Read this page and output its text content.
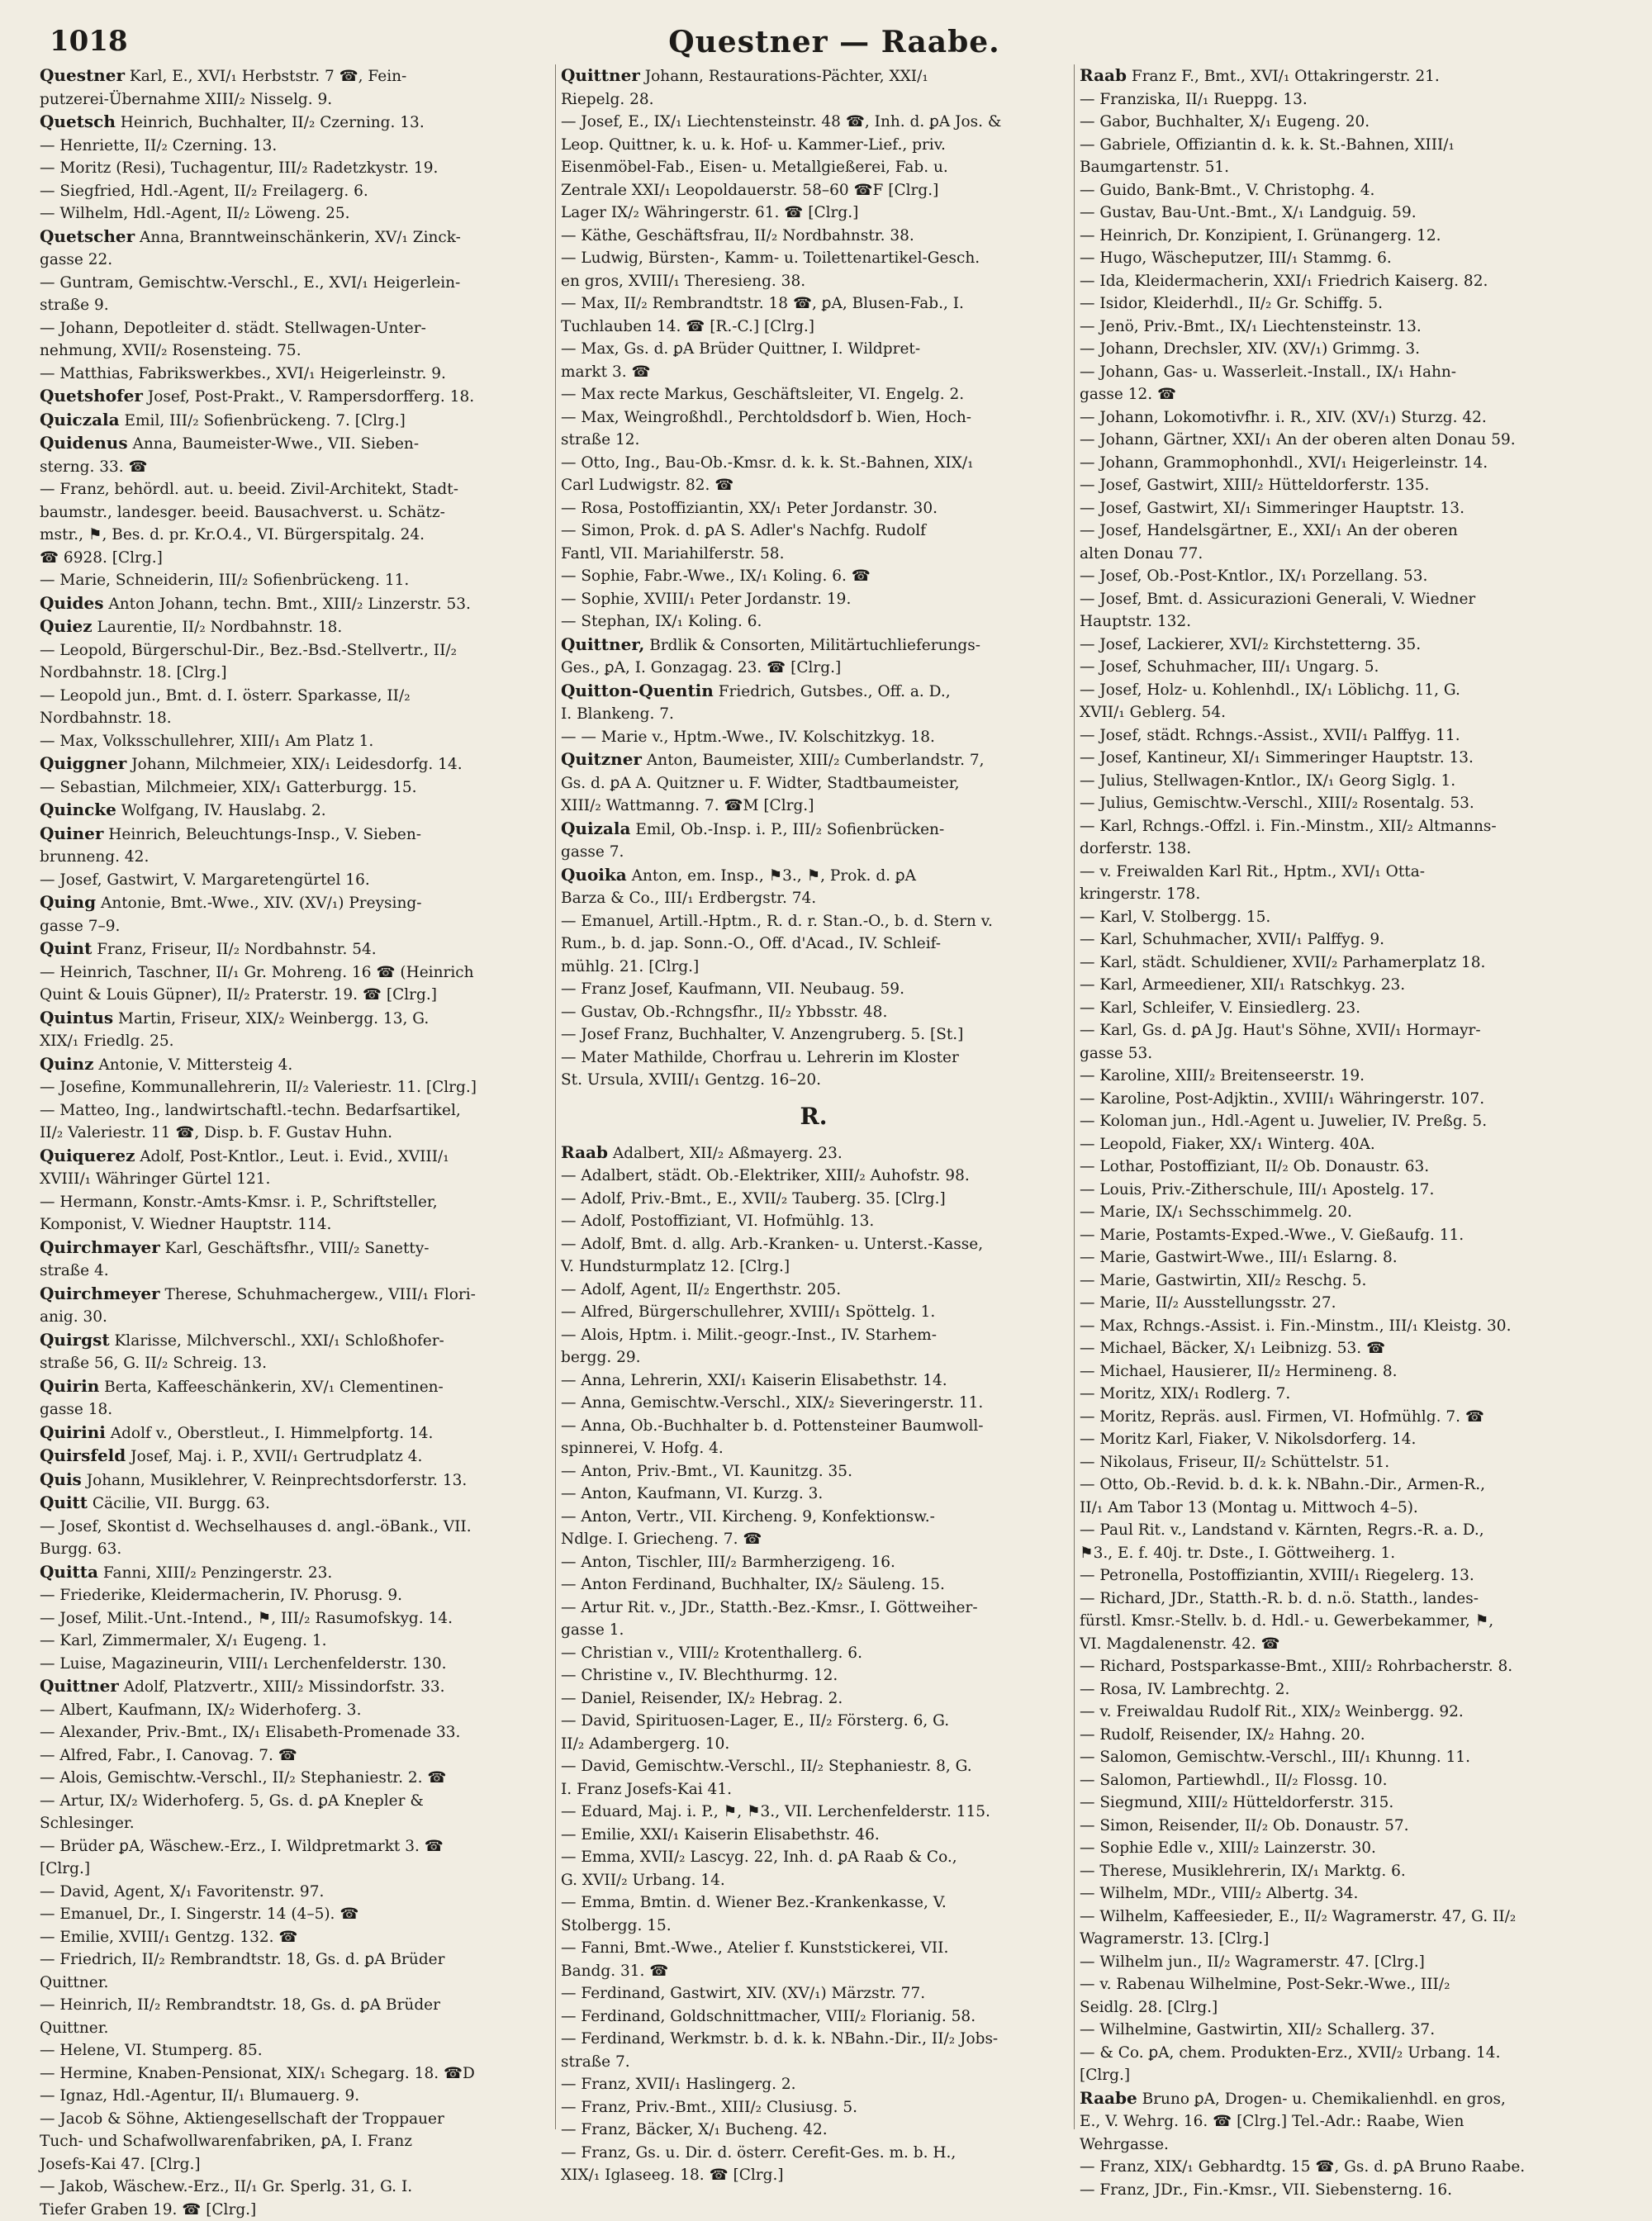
1018	Questner — Raabe.

Questner Karl, E., XVI/₁ Herbststr. 7 ☎, Fein-

putzerei-Übernahme XIII/₂ Nisselg. 9.

Quetsch Heinrich, Buchhalter, II/₂ Czerning. 13.

— Henriette, II/₂ Czerning. 13.

— Moritz (Resi), Tuchagentur, III/₂ Radetzkystr. 19.

— Siegfried, Hdl.-Agent, II/₂ Freilagerg. 6.

— Wilhelm, Hdl.-Agent, II/₂ Löweng. 25.

Quetscher Anna, Branntweinschänkerin, XV/₁ Zinck-

gasse 22.

— Guntram, Gemischtw.-Verschl., E., XVI/₁ Heigerlein-

straße 9.

— Johann, Depotleiter d. städt. Stellwagen-Unter-

nehmung, XVII/₂ Rosensteing. 75.

— Matthias, Fabrikswerkbes., XVI/₁ Heigerleinstr. 9.

Quetshofer Josef, Post-Prakt., V. Rampersdorfferg. 18.

Quiczala Emil, III/₂ Sofienbrückeng. 7. [Clrg.]

Quidenus Anna, Baumeister-Wwe., VII. Sieben-

sterng. 33. ☎

— Franz, behördl. aut. u. beeid. Zivil-Architekt, Stadt-

baumstr., landesger. beeid. Bausachverst. u. Schätz-

mstr., ⚑, Bes. d. pr. Kr.O.4., VI. Bürgerspitalg. 24.

☎ 6928. [Clrg.]

— Marie, Schneiderin, III/₂ Sofienbrückeng. 11.

Quides Anton Johann, techn. Bmt., XIII/₂ Linzerstr. 53.

Quiez Laurentie, II/₂ Nordbahnstr. 18.

— Leopold, Bürgerschul-Dir., Bez.-Bsd.-Stellvertr., II/₂

Nordbahnstr. 18. [Clrg.]

— Leopold jun., Bmt. d. I. österr. Sparkasse, II/₂

Nordbahnstr. 18.

— Max, Volksschullehrer, XIII/₁ Am Platz 1.

Quiggner Johann, Milchmeier, XIX/₁ Leidesdorfg. 14.

— Sebastian, Milchmeier, XIX/₁ Gatterburgg. 15.

Quincke Wolfgang, IV. Hauslabg. 2.

Quiner Heinrich, Beleuchtungs-Insp., V. Sieben-

brunneng. 42.

— Josef, Gastwirt, V. Margaretengürtel 16.

Quing Antonie, Bmt.-Wwe., XIV. (XV/₁) Preysing-

gasse 7–9.

Quint Franz, Friseur, II/₂ Nordbahnstr. 54.

— Heinrich, Taschner, II/₁ Gr. Mohreng. 16 ☎ (Heinrich

Quint & Louis Güpner), II/₂ Praterstr. 19. ☎ [Clrg.]

Quintus Martin, Friseur, XIX/₂ Weinbergg. 13, G.

XIX/₁ Friedlg. 25.

Quinz Antonie, V. Mittersteig 4.

— Josefine, Kommunallehrerin, II/₂ Valeriestr. 11. [Clrg.]

— Matteo, Ing., landwirtschaftl.-techn. Bedarfsartikel,

II/₂ Valeriestr. 11 ☎, Disp. b. F. Gustav Huhn.

Quiquerez Adolf, Post-Kntlor., Leut. i. Evid., XVIII/₁

XVIII/₁ Währinger Gürtel 121.

— Hermann, Konstr.-Amts-Kmsr. i. P., Schriftsteller,

Komponist, V. Wiedner Hauptstr. 114.

Quirchmayer Karl, Geschäftsfhr., VIII/₂ Sanetty-

straße 4.

Quirchmeyer Therese, Schuhmachergew., VIII/₁ Flori-

anig. 30.

Quirgst Klarisse, Milchverschl., XXI/₁ Schloßhofer-

straße 56, G. II/₂ Schreig. 13.

Quirin Berta, Kaffeeschänkerin, XV/₁ Clementinen-

gasse 18.

Quirini Adolf v., Oberstleut., I. Himmelpfortg. 14.

Quirsfeld Josef, Maj. i. P., XVII/₁ Gertrudplatz 4.

Quis Johann, Musiklehrer, V. Reinprechtsdorferstr. 13.

Quitt Cäcilie, VII. Burgg. 63.

— Josef, Skontist d. Wechselhauses d. angl.-öBank., VII.

Burgg. 63.

Quitta Fanni, XIII/₂ Penzingerstr. 23.

— Friederike, Kleidermacherin, IV. Phorusg. 9.

— Josef, Milit.-Unt.-Intend., ⚑, III/₂ Rasumofskyg. 14.

— Karl, Zimmermaler, X/₁ Eugeng. 1.

— Luise, Magazineurin, VIII/₁ Lerchenfelderstr. 130.

Quittner Adolf, Platzvertr., XIII/₂ Missindorfstr. 33.

— Albert, Kaufmann, IX/₂ Widerhoferg. 3.

— Alexander, Priv.-Bmt., IX/₁ Elisabeth-Promenade 33.

— Alfred, Fabr., I. Canovag. 7. ☎

— Alois, Gemischtw.-Verschl., II/₂ Stephaniestr. 2. ☎

— Artur, IX/₂ Widerhoferg. 5, Gs. d. ꝑA Knepler &

Schlesinger.

— Brüder ꝑA, Wäschew.-Erz., I. Wildpretmarkt 3. ☎

[Clrg.]

— David, Agent, X/₁ Favoritenstr. 97.

— Emanuel, Dr., I. Singerstr. 14 (4–5). ☎

— Emilie, XVIII/₁ Gentzg. 132. ☎

— Friedrich, II/₂ Rembrandtstr. 18, Gs. d. ꝑA Brüder

Quittner.

— Heinrich, II/₂ Rembrandtstr. 18, Gs. d. ꝑA Brüder

Quittner.

— Helene, VI. Stumperg. 85.

— Hermine, Knaben-Pensionat, XIX/₁ Schegarg. 18. ☎D

— Ignaz, Hdl.-Agentur, II/₁ Blumauerg. 9.

— Jacob & Söhne, Aktiengesellschaft der Troppauer

Tuch- und Schafwollwarenfabriken, ꝑA, I. Franz

Josefs-Kai 47. [Clrg.]

— Jakob, Wäschew.-Erz., II/₁ Gr. Sperlg. 31, G. I.

Tiefer Graben 19. ☎ [Clrg.]

Quittner Johann, Restaurations-Pächter, XXI/₁

Riepelg. 28.

— Josef, E., IX/₁ Liechtensteinstr. 48 ☎, Inh. d. ꝑA Jos. &

Leop. Quittner, k. u. k. Hof- u. Kammer-Lief., priv.

Eisenmöbel-Fab., Eisen- u. Metallgießerei, Fab. u.

Zentrale XXI/₁ Leopoldauerstr. 58–60 ☎F [Clrg.]

Lager IX/₂ Währingerstr. 61. ☎ [Clrg.]

— Käthe, Geschäftsfrau, II/₂ Nordbahnstr. 38.

— Ludwig, Bürsten-, Kamm- u. Toilettenartikel-Gesch.

en gros, XVIII/₁ Theresieng. 38.

— Max, II/₂ Rembrandtstr. 18 ☎, ꝑA, Blusen-Fab., I.

Tuchlauben 14. ☎ [R.-C.] [Clrg.]

— Max, Gs. d. ꝑA Brüder Quittner, I. Wildpret-

markt 3. ☎

— Max recte Markus, Geschäftsleiter, VI. Engelg. 2.

— Max, Weingroßhdl., Perchtoldsdorf b. Wien, Hoch-

straße 12.

— Otto, Ing., Bau-Ob.-Kmsr. d. k. k. St.-Bahnen, XIX/₁

Carl Ludwigstr. 82. ☎

— Rosa, Postoffiziantin, XX/₁ Peter Jordanstr. 30.

— Simon, Prok. d. ꝑA S. Adler's Nachfg. Rudolf

Fantl, VII. Mariahilferstr. 58.

— Sophie, Fabr.-Wwe., IX/₁ Koling. 6. ☎

— Sophie, XVIII/₁ Peter Jordanstr. 19.

— Stephan, IX/₁ Koling. 6.

Quittner, Brdlik & Consorten, Militärtuchlieferungs-

Ges., ꝑA, I. Gonzagag. 23. ☎ [Clrg.]

Quitton-Quentin Friedrich, Gutsbes., Off. a. D.,

I. Blankeng. 7.

— — Marie v., Hptm.-Wwe., IV. Kolschitzkyg. 18.

Quitzner Anton, Baumeister, XIII/₂ Cumberlandstr. 7,

Gs. d. ꝑA A. Quitzner u. F. Widter, Stadtbaumeister,

XIII/₂ Wattmanng. 7. ☎M [Clrg.]

Quizala Emil, Ob.-Insp. i. P., III/₂ Sofienbrücken-

gasse 7.

Quoika Anton, em. Insp., ⚑3., ⚑, Prok. d. ꝑA

Barza & Co., III/₁ Erdbergstr. 74.

— Emanuel, Artill.-Hptm., R. d. r. Stan.-O., b. d. Stern v.

Rum., b. d. jap. Sonn.-O., Off. d'Acad., IV. Schleif-

mühlg. 21. [Clrg.]

— Franz Josef, Kaufmann, VII. Neubaug. 59.

— Gustav, Ob.-Rchngsfhr., II/₂ Ybbsstr. 48.

— Josef Franz, Buchhalter, V. Anzengruberg. 5. [St.]

— Mater Mathilde, Chorfrau u. Lehrerin im Kloster

St. Ursula, XVIII/₁ Gentzg. 16–20.

R.

Raab Adalbert, XII/₂ Aßmayerg. 23.

— Adalbert, städt. Ob.-Elektriker, XIII/₂ Auhofstr. 98.

— Adolf, Priv.-Bmt., E., XVII/₂ Tauberg. 35. [Clrg.]

— Adolf, Postoffiziant, VI. Hofmühlg. 13.

— Adolf, Bmt. d. allg. Arb.-Kranken- u. Unterst.-Kasse,

V. Hundsturmplatz 12. [Clrg.]

— Adolf, Agent, II/₂ Engerthstr. 205.

— Alfred, Bürgerschullehrer, XVIII/₁ Spöttelg. 1.

— Alois, Hptm. i. Milit.-geogr.-Inst., IV. Starhem-

bergg. 29.

— Anna, Lehrerin, XXI/₁ Kaiserin Elisabethstr. 14.

— Anna, Gemischtw.-Verschl., XIX/₂ Sieveringerstr. 11.

— Anna, Ob.-Buchhalter b. d. Pottensteiner Baumwoll-

spinnerei, V. Hofg. 4.

— Anton, Priv.-Bmt., VI. Kaunitzg. 35.

— Anton, Kaufmann, VI. Kurzg. 3.

— Anton, Vertr., VII. Kircheng. 9, Konfektionsw.-

Ndlge. I. Griecheng. 7. ☎

— Anton, Tischler, III/₂ Barmherzigeng. 16.

— Anton Ferdinand, Buchhalter, IX/₂ Säuleng. 15.

— Artur Rit. v., JDr., Statth.-Bez.-Kmsr., I. Göttweiher-

gasse 1.

— Christian v., VIII/₂ Krotenthallerg. 6.

— Christine v., IV. Blechthurmg. 12.

— Daniel, Reisender, IX/₂ Hebrag. 2.

— David, Spirituosen-Lager, E., II/₂ Försterg. 6, G.

II/₂ Adambergerg. 10.

— David, Gemischtw.-Verschl., II/₂ Stephaniestr. 8, G.

I. Franz Josefs-Kai 41.

— Eduard, Maj. i. P., ⚑, ⚑3., VII. Lerchenfelderstr. 115.

— Emilie, XXI/₁ Kaiserin Elisabethstr. 46.

— Emma, XVII/₂ Lascyg. 22, Inh. d. ꝑA Raab & Co.,

G. XVII/₂ Urbang. 14.

— Emma, Bmtin. d. Wiener Bez.-Krankenkasse, V.

Stolbergg. 15.

— Fanni, Bmt.-Wwe., Atelier f. Kunststickerei, VII.

Bandg. 31. ☎

— Ferdinand, Gastwirt, XIV. (XV/₁) Märzstr. 77.

— Ferdinand, Goldschnittmacher, VIII/₂ Florianig. 58.

— Ferdinand, Werkmstr. b. d. k. k. NBahn.-Dir., II/₂ Jobs-

straße 7.

— Franz, XVII/₁ Haslingerg. 2.

— Franz, Priv.-Bmt., XIII/₂ Clusiusg. 5.

— Franz, Bäcker, X/₁ Bucheng. 42.

— Franz, Gs. u. Dir. d. österr. Cerefit-Ges. m. b. H.,

XIX/₁ Iglaseeg. 18. ☎ [Clrg.]

Raab Franz F., Bmt., XVI/₁ Ottakringerstr. 21.

— Franziska, II/₁ Rueppg. 13.

— Gabor, Buchhalter, X/₁ Eugeng. 20.

— Gabriele, Offiziantin d. k. k. St.-Bahnen, XIII/₁

Baumgartenstr. 51.

— Guido, Bank-Bmt., V. Christophg. 4.

— Gustav, Bau-Unt.-Bmt., X/₁ Landguig. 59.

— Heinrich, Dr. Konzipient, I. Grünangerg. 12.

— Hugo, Wäscheputzer, III/₁ Stammg. 6.

— Ida, Kleidermacherin, XXI/₁ Friedrich Kaiserg. 82.

— Isidor, Kleiderhdl., II/₂ Gr. Schiffg. 5.

— Jenö, Priv.-Bmt., IX/₁ Liechtensteinstr. 13.

— Johann, Drechsler, XIV. (XV/₁) Grimmg. 3.

— Johann, Gas- u. Wasserleit.-Install., IX/₁ Hahn-

gasse 12. ☎

— Johann, Lokomotivfhr. i. R., XIV. (XV/₁) Sturzg. 42.

— Johann, Gärtner, XXI/₁ An der oberen alten Donau 59.

— Johann, Grammophonhdl., XVI/₁ Heigerleinstr. 14.

— Josef, Gastwirt, XIII/₂ Hütteldorferstr. 135.

— Josef, Gastwirt, XI/₁ Simmeringer Hauptstr. 13.

— Josef, Handelsgärtner, E., XXI/₁ An der oberen

alten Donau 77.

— Josef, Ob.-Post-Kntlor., IX/₁ Porzellang. 53.

— Josef, Bmt. d. Assicurazioni Generali, V. Wiedner

Hauptstr. 132.

— Josef, Lackierer, XVI/₂ Kirchstetterng. 35.

— Josef, Schuhmacher, III/₁ Ungarg. 5.

— Josef, Holz- u. Kohlenhdl., IX/₁ Löblichg. 11, G.

XVII/₁ Geblerg. 54.

— Josef, städt. Rchngs.-Assist., XVII/₁ Palffyg. 11.

— Josef, Kantineur, XI/₁ Simmeringer Hauptstr. 13.

— Julius, Stellwagen-Kntlor., IX/₁ Georg Siglg. 1.

— Julius, Gemischtw.-Verschl., XIII/₂ Rosentalg. 53.

— Karl, Rchngs.-Offzl. i. Fin.-Minstm., XII/₂ Altmanns-

dorferstr. 138.

— v. Freiwalden Karl Rit., Hptm., XVI/₁ Otta-

kringerstr. 178.

— Karl, V. Stolbergg. 15.

— Karl, Schuhmacher, XVII/₁ Palffyg. 9.

— Karl, städt. Schuldiener, XVII/₂ Parhamerplatz 18.

— Karl, Armeediener, XII/₁ Ratschkyg. 23.

— Karl, Schleifer, V. Einsiedlerg. 23.

— Karl, Gs. d. ꝑA Jg. Haut's Söhne, XVII/₁ Hormayr-

gasse 53.

— Karoline, XIII/₂ Breitenseerstr. 19.

— Karoline, Post-Adjktin., XVIII/₁ Währingerstr. 107.

— Koloman jun., Hdl.-Agent u. Juwelier, IV. Preßg. 5.

— Leopold, Fiaker, XX/₁ Winterg. 40A.

— Lothar, Postoffiziant, II/₂ Ob. Donaustr. 63.

— Louis, Priv.-Zitherschule, III/₁ Apostelg. 17.

— Marie, IX/₁ Sechsschimmelg. 20.

— Marie, Postamts-Exped.-Wwe., V. Gießaufg. 11.

— Marie, Gastwirt-Wwe., III/₁ Eslarng. 8.

— Marie, Gastwirtin, XII/₂ Reschg. 5.

— Marie, II/₂ Ausstellungsstr. 27.

— Max, Rchngs.-Assist. i. Fin.-Minstm., III/₁ Kleistg. 30.

— Michael, Bäcker, X/₁ Leibnizg. 53. ☎

— Michael, Hausierer, II/₂ Hermineng. 8.

— Moritz, XIX/₁ Rodlerg. 7.

— Moritz, Repräs. ausl. Firmen, VI. Hofmühlg. 7. ☎

— Moritz Karl, Fiaker, V. Nikolsdorferg. 14.

— Nikolaus, Friseur, II/₂ Schüttelstr. 51.

— Otto, Ob.-Revid. b. d. k. k. NBahn.-Dir., Armen-R.,

II/₁ Am Tabor 13 (Montag u. Mittwoch 4–5).

— Paul Rit. v., Landstand v. Kärnten, Regrs.-R. a. D.,

⚑3., E. f. 40j. tr. Dste., I. Göttweiherg. 1.

— Petronella, Postoffiziantin, XVIII/₁ Riegelerg. 13.

— Richard, JDr., Statth.-R. b. d. n.ö. Statth., landes-

fürstl. Kmsr.-Stellv. b. d. Hdl.- u. Gewerbekammer, ⚑,

VI. Magdalenenstr. 42. ☎

— Richard, Postsparkasse-Bmt., XIII/₂ Rohrbacherstr. 8.

— Rosa, IV. Lambrechtg. 2.

— v. Freiwaldau Rudolf Rit., XIX/₂ Weinbergg. 92.

— Rudolf, Reisender, IX/₂ Hahng. 20.

— Salomon, Gemischtw.-Verschl., III/₁ Khunng. 11.

— Salomon, Partiewhdl., II/₂ Flossg. 10.

— Siegmund, XIII/₂ Hütteldorferstr. 315.

— Simon, Reisender, II/₂ Ob. Donaustr. 57.

— Sophie Edle v., XIII/₂ Lainzerstr. 30.

— Therese, Musiklehrerin, IX/₁ Marktg. 6.

— Wilhelm, MDr., VIII/₂ Albertg. 34.

— Wilhelm, Kaffeesieder, E., II/₂ Wagramerstr. 47, G. II/₂

Wagramerstr. 13. [Clrg.]

— Wilhelm jun., II/₂ Wagramerstr. 47. [Clrg.]

— v. Rabenau Wilhelmine, Post-Sekr.-Wwe., III/₂

Seidlg. 28. [Clrg.]

— Wilhelmine, Gastwirtin, XII/₂ Schallerg. 37.

— & Co. ꝑA, chem. Produkten-Erz., XVII/₂ Urbang. 14.

[Clrg.]

Raabe Bruno ꝑA, Drogen- u. Chemikalienhdl. en gros,

E., V. Wehrg. 16. ☎ [Clrg.] Tel.-Adr.: Raabe, Wien

Wehrgasse.

— Franz, XIX/₁ Gebhardtg. 15 ☎, Gs. d. ꝑA Bruno Raabe.

— Franz, JDr., Fin.-Kmsr., VII. Siebensterng. 16.
